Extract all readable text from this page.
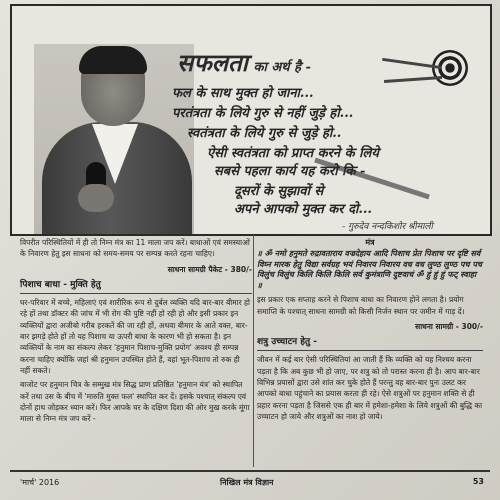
सफलता का अर्थ है -
फल के साथ मुक्त हो जाना...
परतंत्रता के लिये गुरु से नहीं जुड़े हो...
स्वतंत्रता के लिये गुरु से जुड़े हो..
ऐसी स्वतंत्रता को प्राप्त करने के लिये
सबसे पहला कार्य यह करो कि -
दूसरों के सुझावों से
अपने आपको मुक्त कर दो...
- गुरुदेव नन्दकिशोर श्रीमाली

विपरीत परिस्थितियों में ही तो निम्न मंत्र का 11 माला जप करें। बाधाओं एवं समस्याओं के निवारण हेतु इस साधना को समय-समय पर सम्पन्न करते रहना चाहिए।

साधना सामग्री पैकेट - 380/-
पिशाच बाधा - मुक्ति हेतु

घर-परिवार में बच्चे, महिलाएं एवं शारीरिक रूप से दुर्बल व्यक्ति यदि बार-बार बीमार हो रहे हों तथा डॉक्टर की जांच में भी रोग की पुष्टि नहीं हो रही हो और इसी प्रकार इन व्यक्तियों द्वारा अजीबो गरीब हरकतें की जा रही हों, अथवा बीमार के आते वक्त, बार-बार झगड़े होते हों तो यह पिशाच या ऊपरी बाधा के कारण भी हो सकता है। इन व्यक्तियों के नाम का संकल्प लेकर 'हनुमान पिशाच-मुक्ति प्रयोग' अवश्य ही सम्पन्न करना चाहिए क्योंकि जहां श्री हनुमान उपस्थित होते हैं, वहां भूत-पिशाच तो रुक ही नहीं सकते।

बाजोट पर हनुमान चित्र के सम्मुख मंत्र सिद्ध प्राण प्रतिष्ठित 'हनुमान यंत्र' को स्थापित करें तथा उस के बीच में 'मारुति मुक्त फल' स्थापित कर दें। इसके पश्चात् संकल्प एवं दोनों हाथ जोड़कर ध्यान करें। फिर आपके घर के दक्षिण दिशा की ओर मुख करके मूंगा माला से निम्न मंत्र जप करें -

मंत्र

॥ ॐ नमो हनुमते रुद्रावताराय वज्रदेहाय आदि पिशाच प्रेत पिशाच पर दृष्टि सर्व विघ्न मारक हेतु विद्या सर्वग्रह भयं निवारय निवारय वध वध लुण्ठ लुण्ठ पच पच विलुंच विलुंच किलि किलि किलि सर्व कुमंत्राणि दुष्टवाचं ॐ हुं हुं हुं फट् स्वाहा ॥

इस प्रकार एक सप्ताह करने से पिशाच बाधा का निवारण होने लगता है। प्रयोग समाप्ति के पश्चात् साधना सामग्री को किसी निर्जन स्थान पर जमीन में गाड़ दें।

साधना सामग्री - 300/-
शत्रु उच्चाटन हेतु -

जीवन में कई बार ऐसी परिस्थितियां आ जाती हैं कि व्यक्ति को यह निश्चय करना पड़ता है कि अब कुछ भी हो जाए, पर शत्रु को तो परास्त करना ही है। आप बार-बार विभिन्न प्रयासों द्वारा उसे शांत कर चुके होते हैं परन्तु वह बार-बार पुनः उलट कर आपको बाधा पहुंचाने का प्रयास करता ही रहे। ऐसे शत्रुओं पर हनुमान शक्ति से ही प्रहार करना पड़ता है जिससे एक ही बार में हमेशा-हमेशा के लिये शत्रुओं की बुद्धि का उच्चाटन हो जाये और शत्रुओं का नाश हो जाये।

'मार्च' 2016	निखिल मंत्र विज्ञान	53
